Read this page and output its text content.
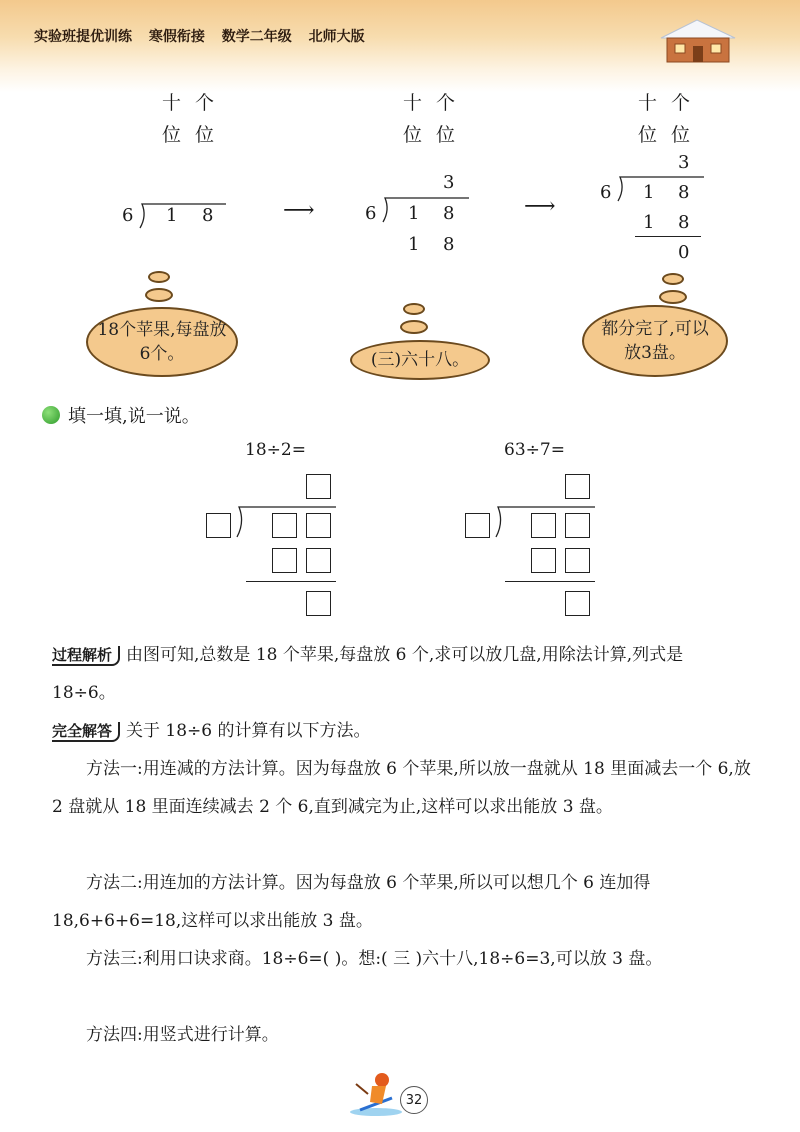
实验班提优训练 寒假衔接 数学二年级 北师大版
十个
位位
6 1 8	⟶
十个
位位
3
6 1 8
1 8
⟶
十个
位位
3
6 1 8
1 8
0
18个苹果,每盘放6个。	(三)六十八。
都分完了,可以放3盘。
填一填,说一说。
18÷2=	63÷7=
过程解析 由图可知,总数是 18 个苹果,每盘放 6 个,求可以放几盘,用除法计算,列式是 18÷6。
完全解答 关于 18÷6 的计算有以下方法。
方法一:用连减的方法计算。因为每盘放 6 个苹果,所以放一盘就从 18 里面减去一个 6,放 2 盘就从 18 里面连续减去 2 个 6,直到减完为止,这样可以求出能放 3 盘。
方法二:用连加的方法计算。因为每盘放 6 个苹果,所以可以想几个 6 连加得 18,6+6+6=18,这样可以求出能放 3 盘。
方法三:利用口诀求商。18÷6=( )。想:( 三 )六十八,18÷6=3,可以放 3 盘。
方法四:用竖式进行计算。
32
